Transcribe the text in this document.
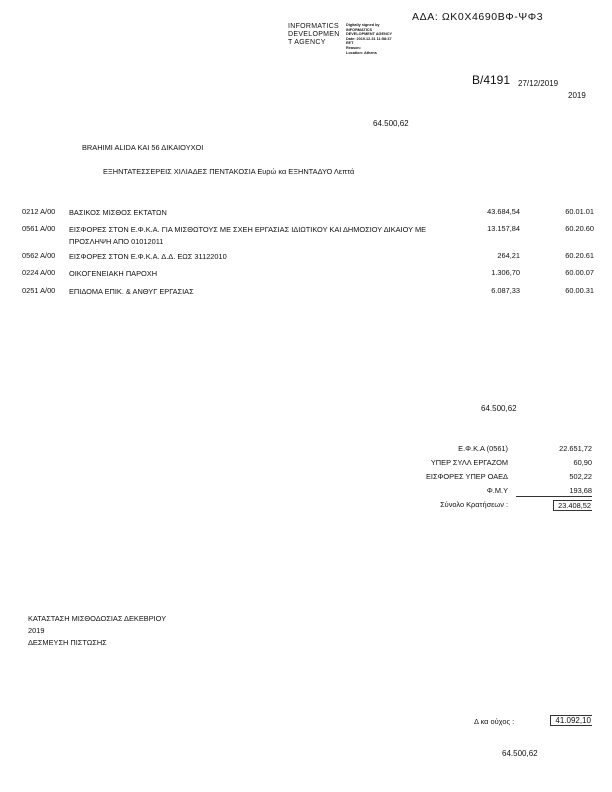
ΑΔΑ: ΩΚ0Χ4690ΒΦ-ΨΦ3
INFORMATICS
DEVELOPMEN
T AGENCY
Digitally signed by
INFORMATICS
DEVELOPMENT AGENCY
Date: 2019.12.31 11:58:37
EET
Reason:
Location: Athens
Β/4191 27/12/2019
2019
64.500,62
BRAHIMI ALIDA ΚΑΙ 56 ΔΙΚΑΙΟΥΧΟΙ
ΕΞΗΝΤΑΤΕΣΣΕΡΕΙΣ ΧΙΛΙΑΔΕΣ ΠΕΝΤΑΚΟΣΙΑ Ευρώ κα ΕΞΗΝΤΑΔΥΟ Λεπτά
0212 Α/00 ΒΑΣΙΚΟΣ ΜΙΣΘΟΣ ΕΚΤΑΤΩΝ	43.684,54	60.01.01
0561 Α/00 ΕΙΣΦΟΡΕΣ ΣΤΟΝ Ε.Φ.Κ.Α. ΓΙΑ ΜΙΣΘΩΤΟΥΣ ΜΕ ΣΧΕΗ ΕΡΓΑΣΙΑΣ ΙΔΙΩΤΙΚΟΥ ΚΑΙ ΔΗΜΟΣΙΟΥ ΔΙΚΑΙΟΥ ΜΕ ΠΡΟΣΛΗΨΗ ΑΠΟ 01012011
13.157,84	60.20.60
0562 Α/00 ΕΙΣΦΟΡΕΣ ΣΤΟΝ Ε.Φ.Κ.Α. Δ.Δ. ΕΩΣ 31122010	264,21	60.20.61
0224 Α/00 ΟΙΚΟΓΕΝΕΙΑΚΗ ΠΑΡΟΧΗ	1.306,70	60.00.07
0251 Α/00 ΕΠΙΔΟΜΑ ΕΠΙΚ. & ΑΝΘΥΓ ΕΡΓΑΣΙΑΣ	6.087,33	60.00.31
64.500,62
Ε.Φ.Κ.Α (0561)	22.651,72
ΥΠΕΡ ΣΥΛΛ ΕΡΓΑΖΟΜ	60,90
ΕΙΣΦΟΡΕΣ ΥΠΕΡ ΟΑΕΔ	502,22
Φ.Μ.Υ	193,68
Σύνολο Κρατήσεων :	23.408,52
ΚΑΤΑΣΤΑΣΗ ΜΙΣΘΟΔΟΣΙΑΣ ΔΕΚΕΒΡΙΟΥ
2019
ΔΕΣΜΕΥΣΗ ΠΙΣΤΩΣΗΣ
Δ κα ούχος :	41.092,10
64.500,62
